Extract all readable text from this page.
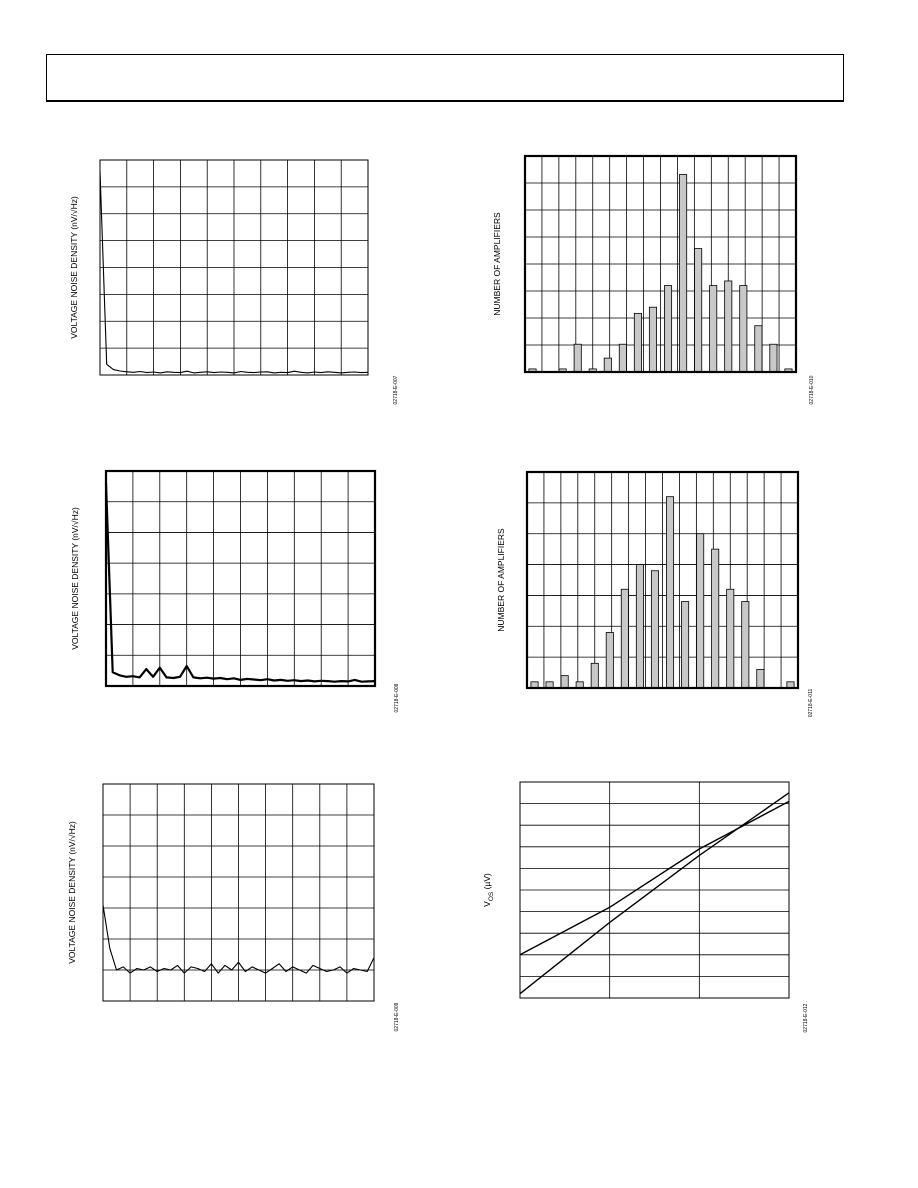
VOLTAGE NOISE DENSITY (nV/√Hz)
02718-E-007
VOLTAGE NOISE DENSITY (nV/√Hz)
02718-E-008
VOLTAGE NOISE DENSITY (nV/√Hz)
02718-E-009
NUMBER OF AMPLIFIERS
02718-E-010
NUMBER OF AMPLIFIERS
02718-E-011
$V_{OS}$ (µV)
02718-E-012
